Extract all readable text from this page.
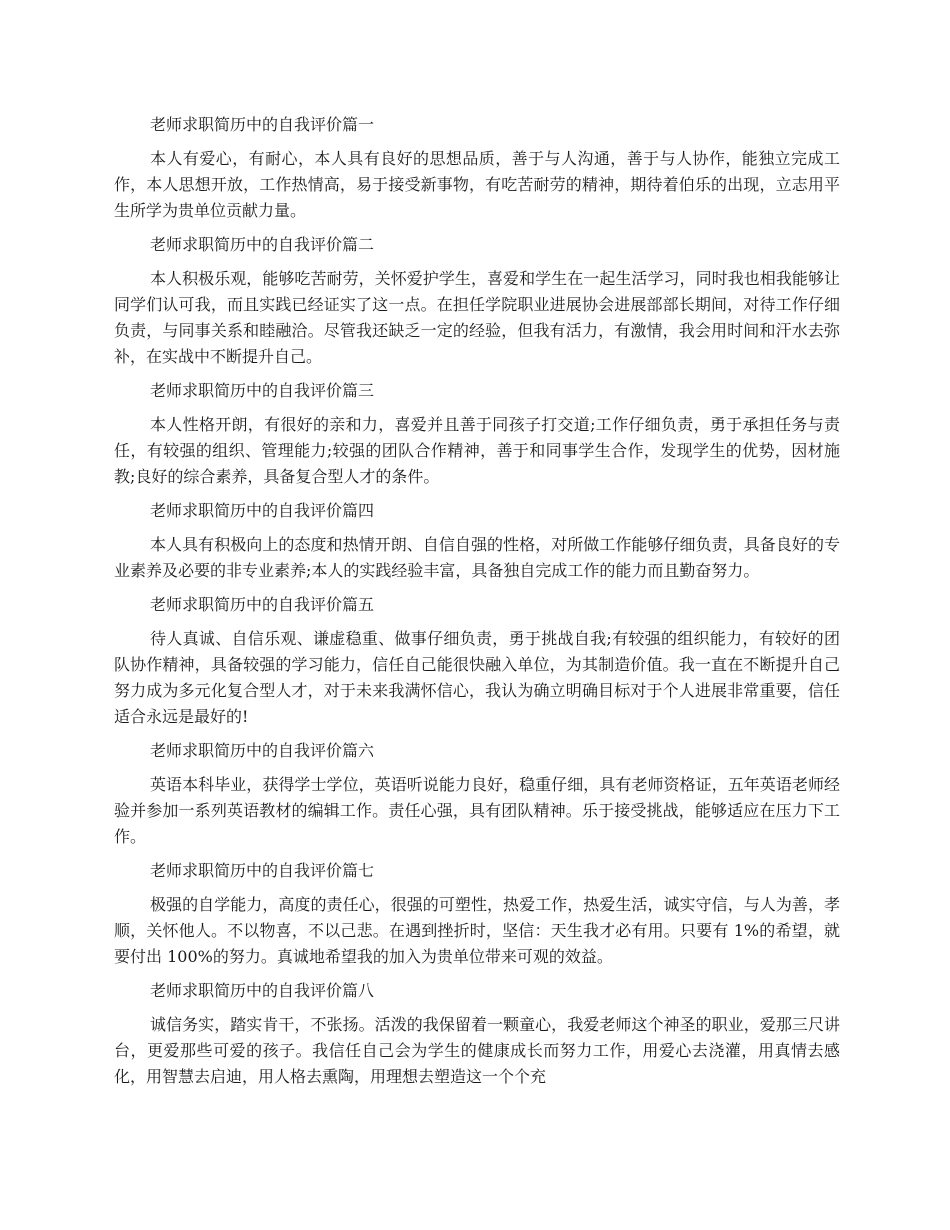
老师求职简历中的自我评价篇一

本人有爱心，有耐心，本人具有良好的思想品质，善于与人沟通，善于与人协作，能独立完成工作，本人思想开放，工作热情高，易于接受新事物，有吃苦耐劳的精神，期待着伯乐的出现，立志用平生所学为贵单位贡献力量。

老师求职简历中的自我评价篇二

本人积极乐观，能够吃苦耐劳，关怀爱护学生，喜爱和学生在一起生活学习，同时我也相我能够让同学们认可我，而且实践已经证实了这一点。在担任学院职业进展协会进展部部长期间，对待工作仔细负责，与同事关系和睦融洽。尽管我还缺乏一定的经验，但我有活力，有激情，我会用时间和汗水去弥补，在实战中不断提升自己。

老师求职简历中的自我评价篇三

本人性格开朗，有很好的亲和力，喜爱并且善于同孩子打交道;工作仔细负责，勇于承担任务与责任，有较强的组织、管理能力;较强的团队合作精神，善于和同事学生合作，发现学生的优势，因材施教;良好的综合素养，具备复合型人才的条件。

老师求职简历中的自我评价篇四

本人具有积极向上的态度和热情开朗、自信自强的性格，对所做工作能够仔细负责，具备良好的专业素养及必要的非专业素养;本人的实践经验丰富，具备独自完成工作的能力而且勤奋努力。

老师求职简历中的自我评价篇五

待人真诚、自信乐观、谦虚稳重、做事仔细负责，勇于挑战自我;有较强的组织能力，有较好的团队协作精神，具备较强的学习能力，信任自己能很快融入单位，为其制造价值。我一直在不断提升自己努力成为多元化复合型人才，对于未来我满怀信心，我认为确立明确目标对于个人进展非常重要，信任适合永远是最好的!

老师求职简历中的自我评价篇六

英语本科毕业，获得学士学位，英语听说能力良好，稳重仔细，具有老师资格证，五年英语老师经验并参加一系列英语教材的编辑工作。责任心强，具有团队精神。乐于接受挑战，能够适应在压力下工作。

老师求职简历中的自我评价篇七

极强的自学能力，高度的责任心，很强的可塑性，热爱工作，热爱生活，诚实守信，与人为善，孝顺，关怀他人。不以物喜，不以己悲。在遇到挫折时，坚信：天生我才必有用。只要有 1%的希望，就要付出 100%的努力。真诚地希望我的加入为贵单位带来可观的效益。

老师求职简历中的自我评价篇八

诚信务实，踏实肯干，不张扬。活泼的我保留着一颗童心，我爱老师这个神圣的职业，爱那三尺讲台，更爱那些可爱的孩子。我信任自己会为学生的健康成长而努力工作，用爱心去浇灌，用真情去感化，用智慧去启迪，用人格去熏陶，用理想去塑造这一个个充
